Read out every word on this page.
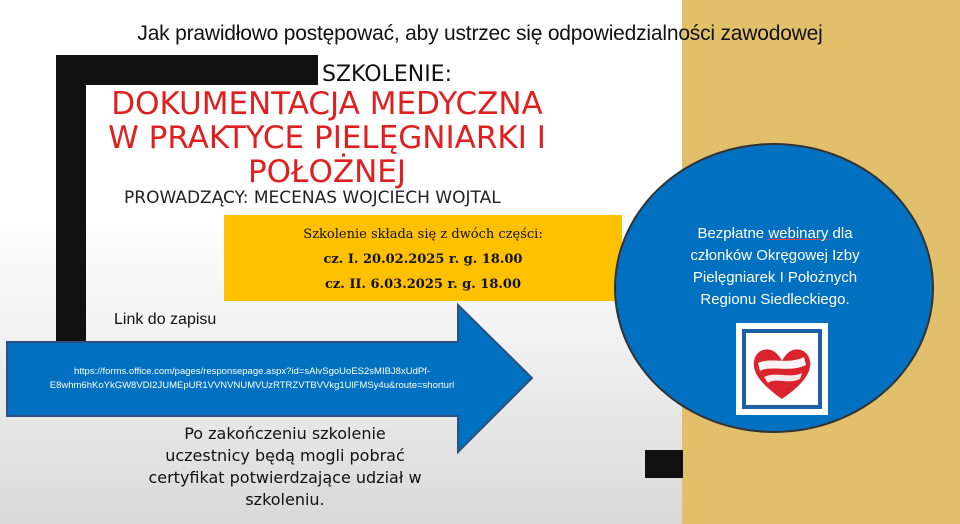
Jak prawidłowo postępować, aby ustrzec się odpowiedzialności zawodowej
SZKOLENIE:
DOKUMENTACJA MEDYCZNA
W PRAKTYCE PIELĘGNIARKI I
POŁOŻNEJ
PROWADZĄCY: MECENAS WOJCIECH WOJTAL
Szkolenie składa się z dwóch części:
cz. I. 20.02.2025 r. g. 18.00
cz. II. 6.03.2025 r. g. 18.00
Link do zapisu
https://forms.office.com/pages/responsepage.aspx?id=sAlvSgoUoES2sMIBJ8xUdPf-
E8whm6hKoYkGW8VDI2JUMEpUR1VVNVNUMVUzRTRZVTBVVkg1UlFMSy4u&route=shorturl
Po zakończeniu szkolenie uczestnicy będą mogli pobrać certyfikat potwierdzające udział w szkoleniu.
Bezpłatne webinary dla członków Okręgowej Izby Pielęgniarek I Położnych Regionu Siedleckiego.
